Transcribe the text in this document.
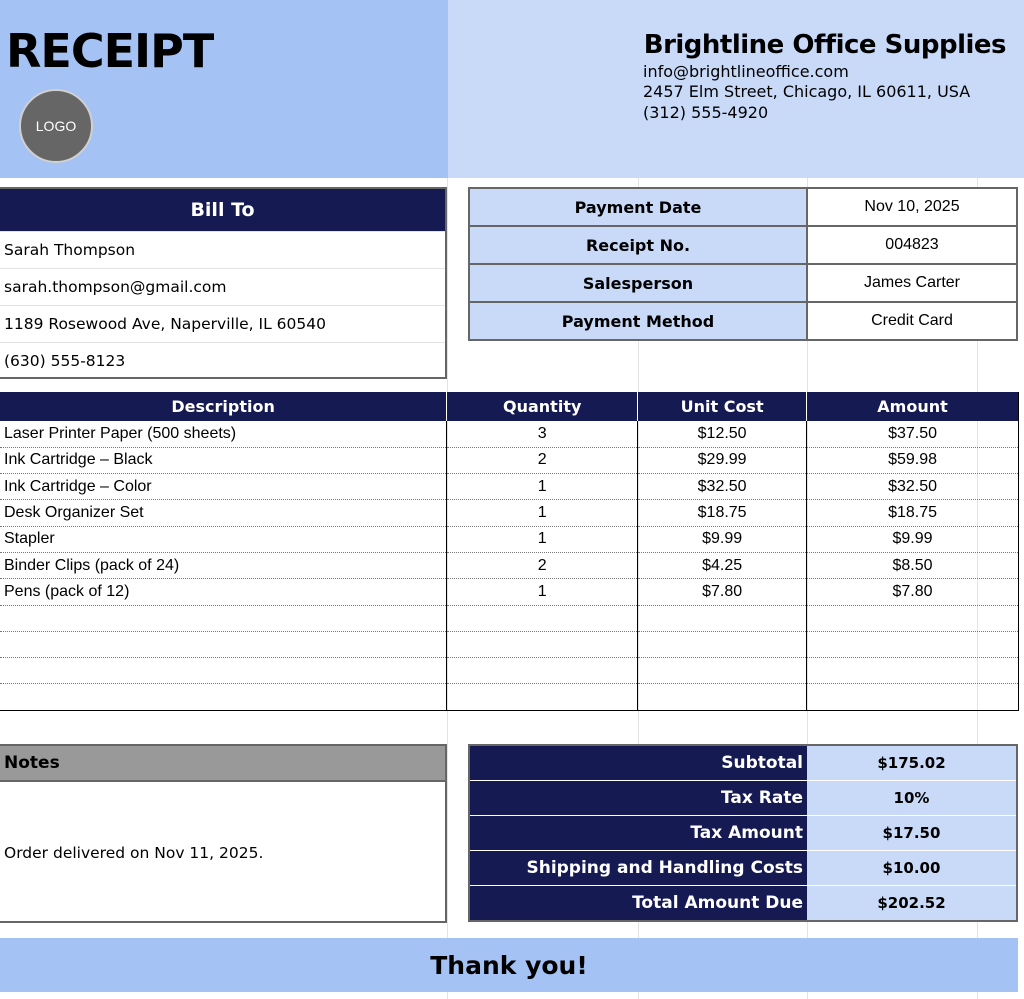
RECEIPT
LOGO
Brightline Office Supplies
info@brightlineoffice.com
2457 Elm Street, Chicago, IL 60611, USA
(312) 555-4920
Bill To
Sarah Thompson
sarah.thompson@gmail.com
1189 Rosewood Ave, Naperville, IL 60540
(630) 555-8123
Payment Date	Nov 10, 2025
Receipt No.	004823
Salesperson	James Carter
Payment Method	Credit Card
Description	Quantity	Unit Cost	Amount
Laser Printer Paper (500 sheets)	3	$12.50	$37.50
Ink Cartridge – Black	2	$29.99	$59.98
Ink Cartridge – Color	1	$32.50	$32.50
Desk Organizer Set	1	$18.75	$18.75
Stapler	1	$9.99	$9.99
Binder Clips (pack of 24)	2	$4.25	$8.50
Pens (pack of 12)	1	$7.80	$7.80

Notes
Order delivered on Nov 11, 2025.
Subtotal	$175.02
Tax Rate	10%
Tax Amount	$17.50
Shipping and Handling Costs	$10.00
Total Amount Due	$202.52
Thank you!
